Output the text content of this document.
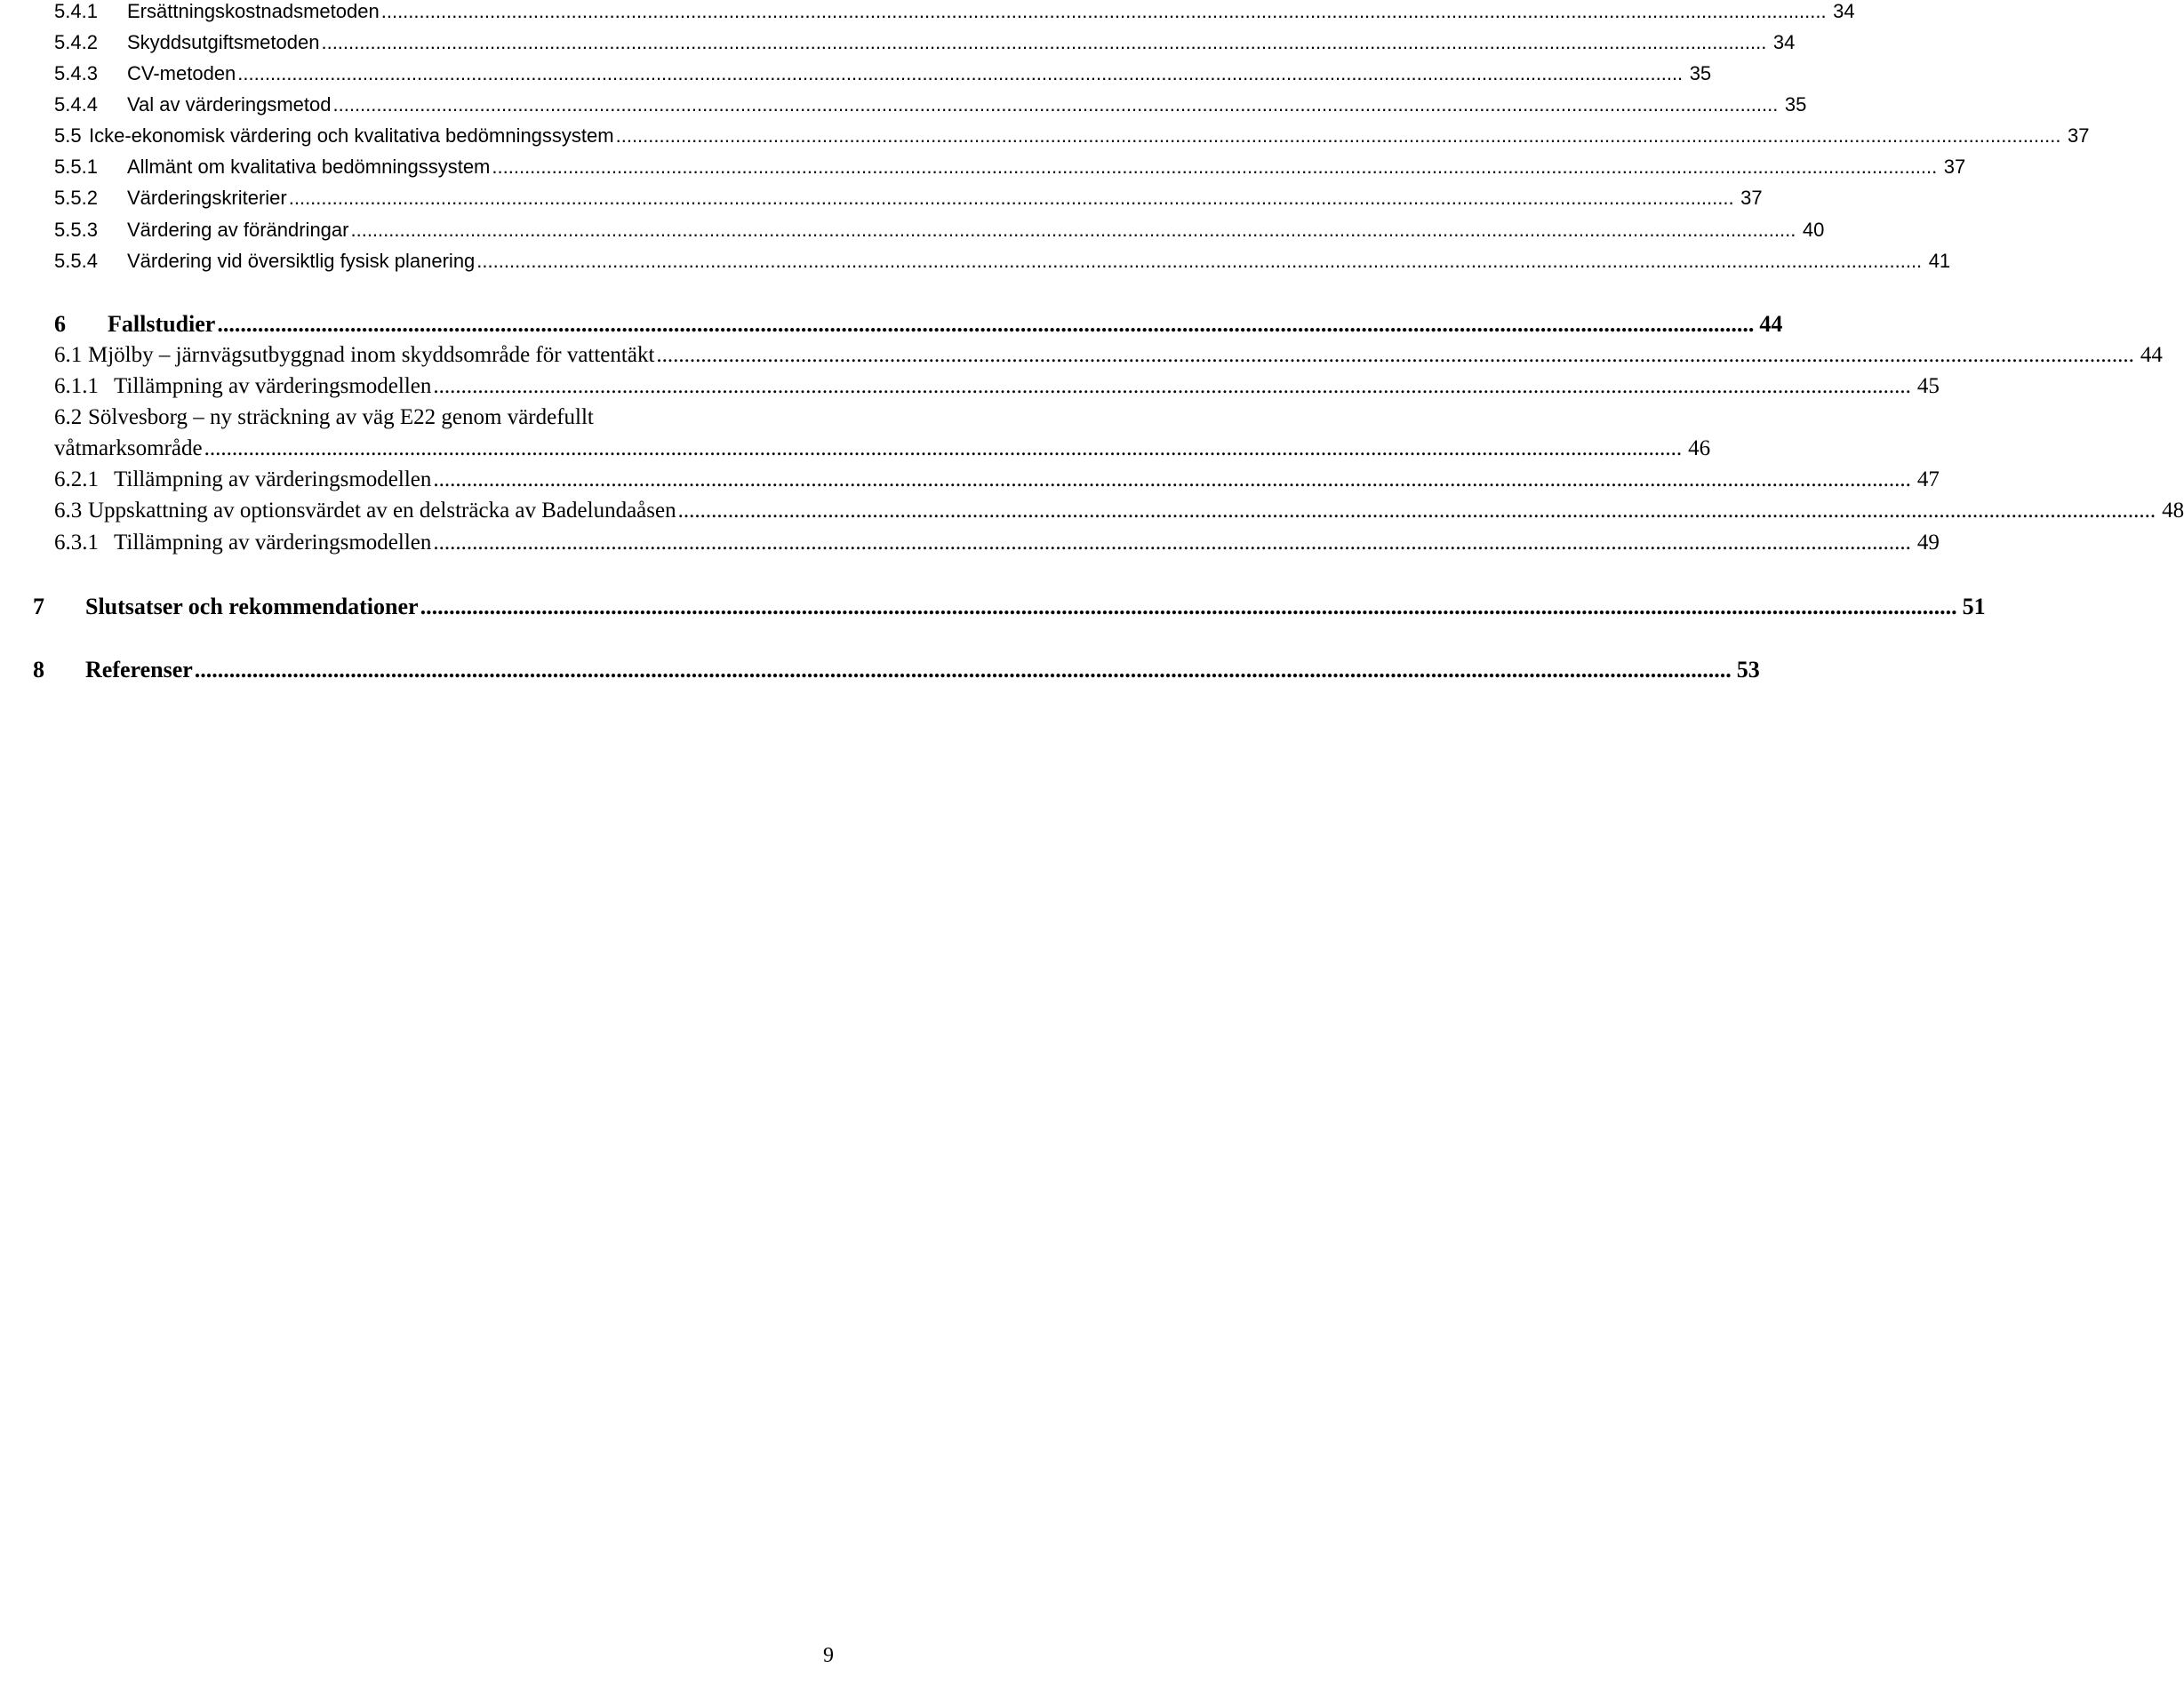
5.4.1	Ersättningskostnadsmetoden .....	34
5.4.2	Skyddsutgiftsmetoden .....	34
5.4.3	CV-metoden .....	35
5.4.4	Val av värderingsmetod .....	35
5.5 Icke-ekonomisk värdering och kvalitativa bedömningssystem .....	37
5.5.1	Allmänt om kvalitativa bedömningssystem .....	37
5.5.2	Värderingskriterier .....	37
5.5.3	Värdering av förändringar .....	40
5.5.4	Värdering vid översiktlig fysisk planering .....	41
6	Fallstudier .....	44
6.1 Mjölby – järnvägsutbyggnad inom skyddsområde för vattentäkt .....	44
6.1.1 Tillämpning av värderingsmodellen .....	45
6.2 Sölvesborg – ny sträckning av väg E22 genom värdefullt
våtmarksområde .....	46
6.2.1 Tillämpning av värderingsmodellen .....	47
6.3 Uppskattning av optionsvärdet av en delsträcka av Badelundaåsen .....	48
6.3.1 Tillämpning av värderingsmodellen .....	49
7	Slutsatser och rekommendationer .....	51
8	Referenser .....	53
9
